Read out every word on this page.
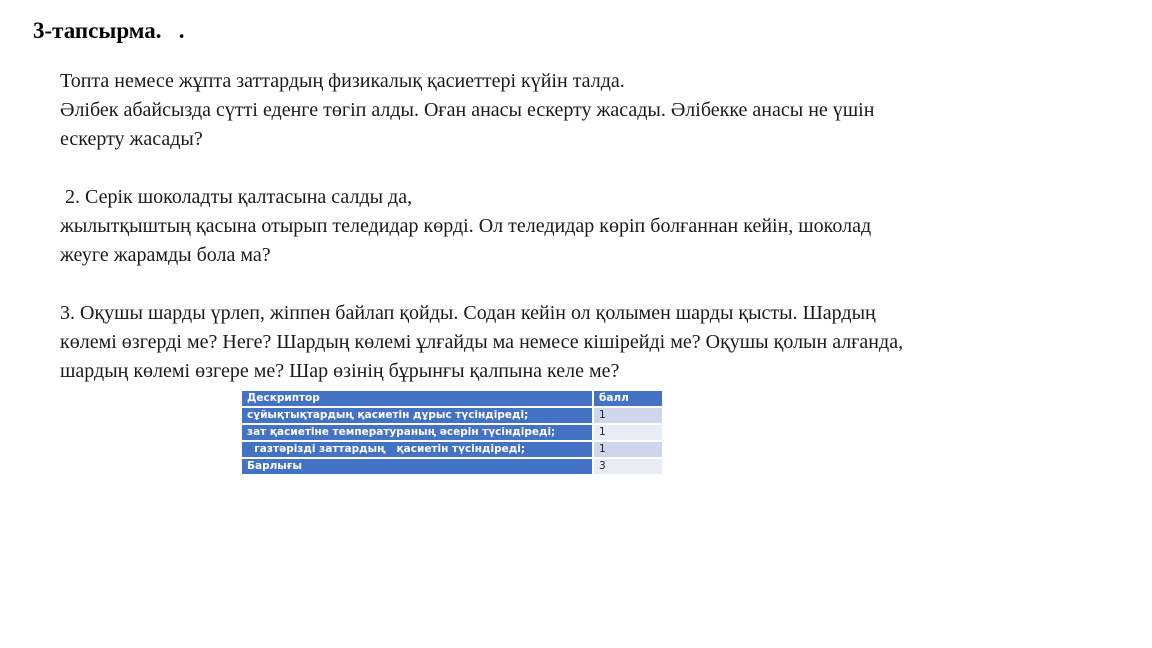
3-тапсырма.   .
Топта немесе жұпта заттардың физикалық қасиеттері күйін талда.
Әлібек абайсызда сүтті еденге төгіп алды. Оған анасы ескерту жасады. Әлібекке анасы не үшін
ескерту жасады?
2. Серік шоколадты қалтасына салды да,
жылытқыштың қасына отырып теледидар көрді. Ол теледидар көріп болғаннан кейін, шоколад
жеуге жарамды бола ма?
3. Оқушы шарды үрлеп, жіппен байлап қойды. Содан кейін ол қолымен шарды қысты. Шардың
көлемі өзгерді ме? Неге? Шардың көлемі ұлғайды ма немесе кішірейді ме? Оқушы қолын алғанда,
шардың көлемі өзгере ме? Шар өзінің бұрынғы қалпына келе ме?
Дескриптор	балл
сұйықтықтардың қасиетін дұрыс түсіндіреді;	1
зат қасиетіне температураның әсерін түсіндіреді;	1
газтәрізді заттардың   қасиетін түсіндіреді;	1
Барлығы	3
